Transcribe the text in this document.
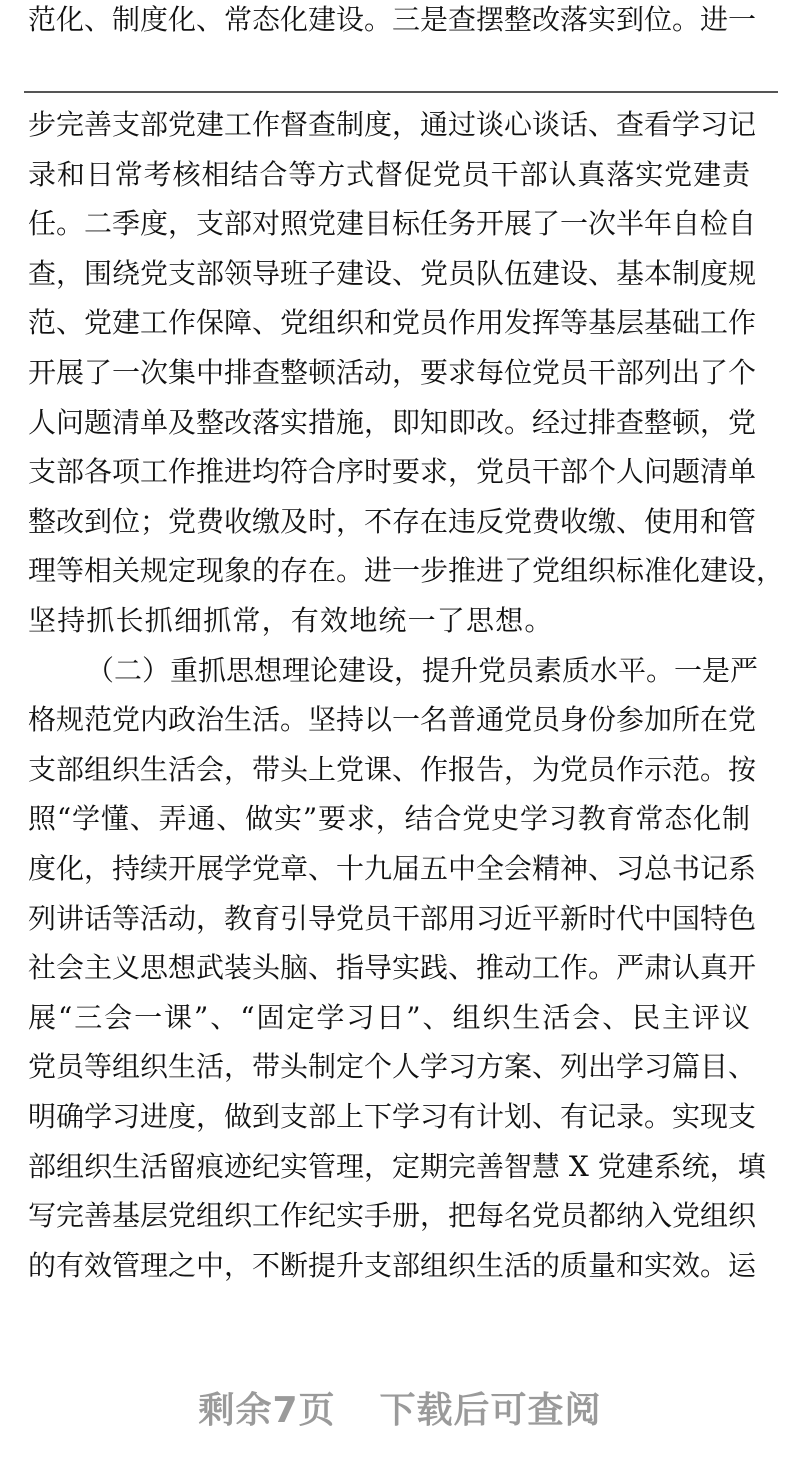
范化、制度化、常态化建设。三是查摆整改落实到位。进一
步完善支部党建工作督查制度，通过谈心谈话、查看学习记
录和日常考核相结合等方式督促党员干部认真落实党建责
任。二季度，支部对照党建目标任务开展了一次半年自检自
查，围绕党支部领导班子建设、党员队伍建设、基本制度规
范、党建工作保障、党组织和党员作用发挥等基层基础工作
开展了一次集中排查整顿活动，要求每位党员干部列出了个
人问题清单及整改落实措施，即知即改。经过排查整顿，党
支部各项工作推进均符合序时要求，党员干部个人问题清单
整改到位；党费收缴及时，不存在违反党费收缴、使用和管
理等相关规定现象的存在。进一步推进了党组织标准化建设，
坚持抓长抓细抓常，有效地统一了思想。
（二）重抓思想理论建设，提升党员素质水平。一是严
格规范党内政治生活。坚持以一名普通党员身份参加所在党
支部组织生活会，带头上党课、作报告，为党员作示范。按
照“学懂、弄通、做实”要求，结合党史学习教育常态化制
度化，持续开展学党章、十九届五中全会精神、习总书记系
列讲话等活动，教育引导党员干部用习近平新时代中国特色
社会主义思想武装头脑、指导实践、推动工作。严肃认真开
展“三会一课”、“固定学习日”、组织生活会、民主评议
党员等组织生活，带头制定个人学习方案、列出学习篇目、
明确学习进度，做到支部上下学习有计划、有记录。实现支
部组织生活留痕迹纪实管理，定期完善智慧 X 党建系统，填
写完善基层党组织工作纪实手册，把每名党员都纳入党组织
的有效管理之中，不断提升支部组织生活的质量和实效。运
剩余7页 下载后可查阅
